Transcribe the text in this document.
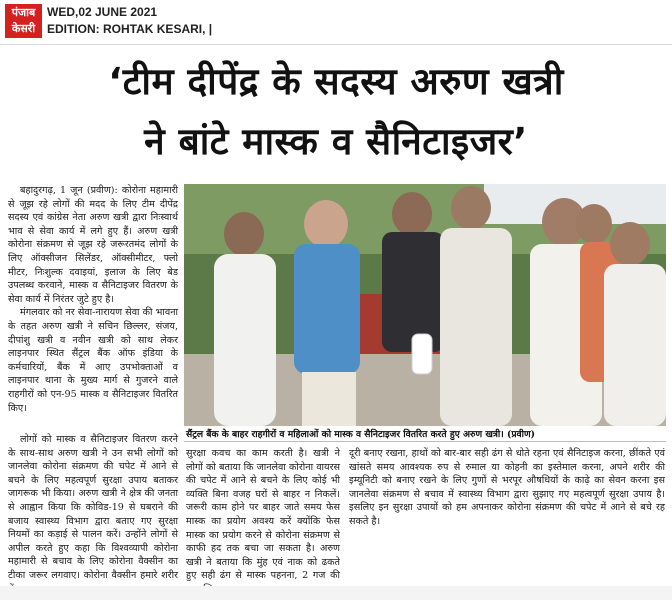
पंजाब
केसरी
WED,02 JUNE 2021
EDITION: ROHTAK KESARI, |
‘टीम दीपेंद्र के सदस्य अरुण खत्री
ने बांटे मास्क व सैनिटाइजर’

बहादुरगढ़, 1 जून (प्रवीण): कोरोना महामारी से जूझ रहे लोगों की मदद के लिए टीम दीपेंद्र सदस्य एवं कांग्रेस नेता अरुण खत्री द्वारा निःस्वार्थ भाव से सेवा कार्य में लगे हुए हैं। अरुण खत्री कोरोना संक्रमण से जूझ रहे जरूरतमंद लोगों के लिए ऑक्सीजन सिलेंडर, ऑक्सीमीटर, फ्लो मीटर, निःशुल्क दवाइयां, इलाज के लिए बेड उपलब्ध करवाने, मास्क व सैनिटाइजर वितरण के सेवा कार्य में निरंतर जुटे हुए है।

मंगलवार को नर सेवा-नारायण सेवा की भावना के तहत अरुण खत्री ने सचिन छिल्लर, संजय, दीपांशु खत्री व नवीन खत्री को साथ लेकर लाइनपार स्थित सैंट्रल बैंक ऑफ इंडिया के कर्मचारियों, बैंक में आए उपभोक्ताओं व लाइनपार थाना के मुख्य मार्ग से गुजरने वाले राहगीरों को एन-95 मास्क व सैनिटाइजर वितरित किए।

सैंट्रल बैंक के बाहर राहगीरों व महिलाओं को मास्क व सैनिटाइजर वितरित करते हुए अरुण खत्री। (प्रवीण)

लोगों को मास्क व सैनिटाइजर वितरण करने के साथ-साथ अरुण खत्री ने उन सभी लोगों को जानलेवा कोरोना संक्रमण की चपेट में आने से बचने के लिए महत्वपूर्ण सुरक्षा उपाय बताकर जागरूक भी किया। अरुण खत्री ने क्षेत्र की जनता से आह्वान किया कि कोविड-19 से घबराने की बजाय स्वास्थ्य विभाग द्वारा बताए गए सुरक्षा नियमों का कड़ाई से पालन करें। उन्होंने लोगों से अपील करते हुए कहा कि विश्वव्यापी कोरोना महामारी से बचाव के लिए कोरोना वैक्सीन का टीका जरूर लगवाए। कोरोना वैक्सीन हमारे शरीर

सुरक्षा कवच का काम करती है। खत्री ने लोगों को बताया कि जानलेवा कोरोना वायरस की चपेट में आने से बचने के लिए कोई भी व्यक्ति बिना वजह घरों से बाहर न निकलें। जरूरी काम होने पर बाहर जाते समय फेस मास्क का प्रयोग अवश्य करें क्योंकि फेस मास्क का प्रयोग करने से कोरोना संक्रमण से काफी हद तक बचा जा सकता है। अरुण खत्री ने बताया कि मुंह एवं नाक को ढकते हुए सही ढंग से मास्क पहनना, 2 गज की

दूरी बनाए रखना, हाथों को बार-बार सही ढंग से धोते रहना एवं सैनिटाइज करना, छींकते एवं खांसते समय आवश्यक रुप से रुमाल या कोहनी का इस्तेमाल करना, अपने शरीर की इम्यूनिटी को बनाए रखने के लिए गुणों से भरपूर औषधियों के काढ़े का सेवन करना इस जानलेवा संक्रमण से बचाव में स्वास्थ्य विभाग द्वारा सुझाए गए महत्वपूर्ण सुरक्षा उपाय है। इसलिए इन सुरक्षा उपायों को हम अपनाकर कोरोना संक्रमण की चपेट में आने से बचे रह सकते है।
